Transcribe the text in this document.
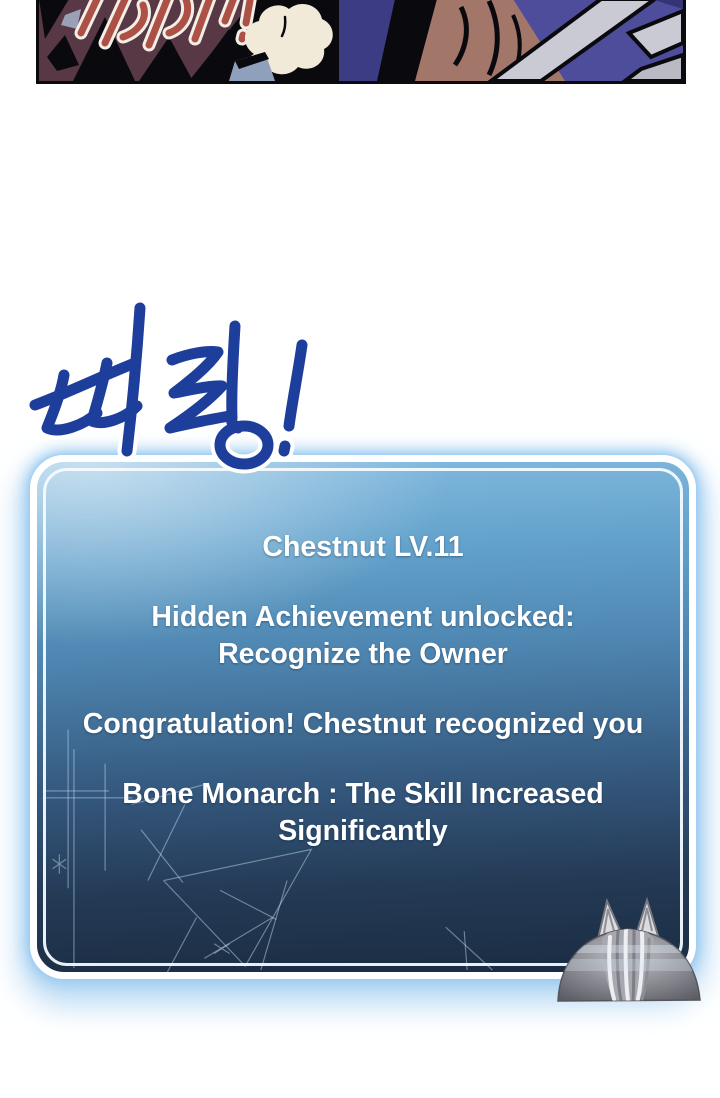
Chestnut LV.11

Hidden Achievement unlocked:
Recognize the Owner

Congratulation! Chestnut recognized you

Bone Monarch : The Skill Increased
Significantly
